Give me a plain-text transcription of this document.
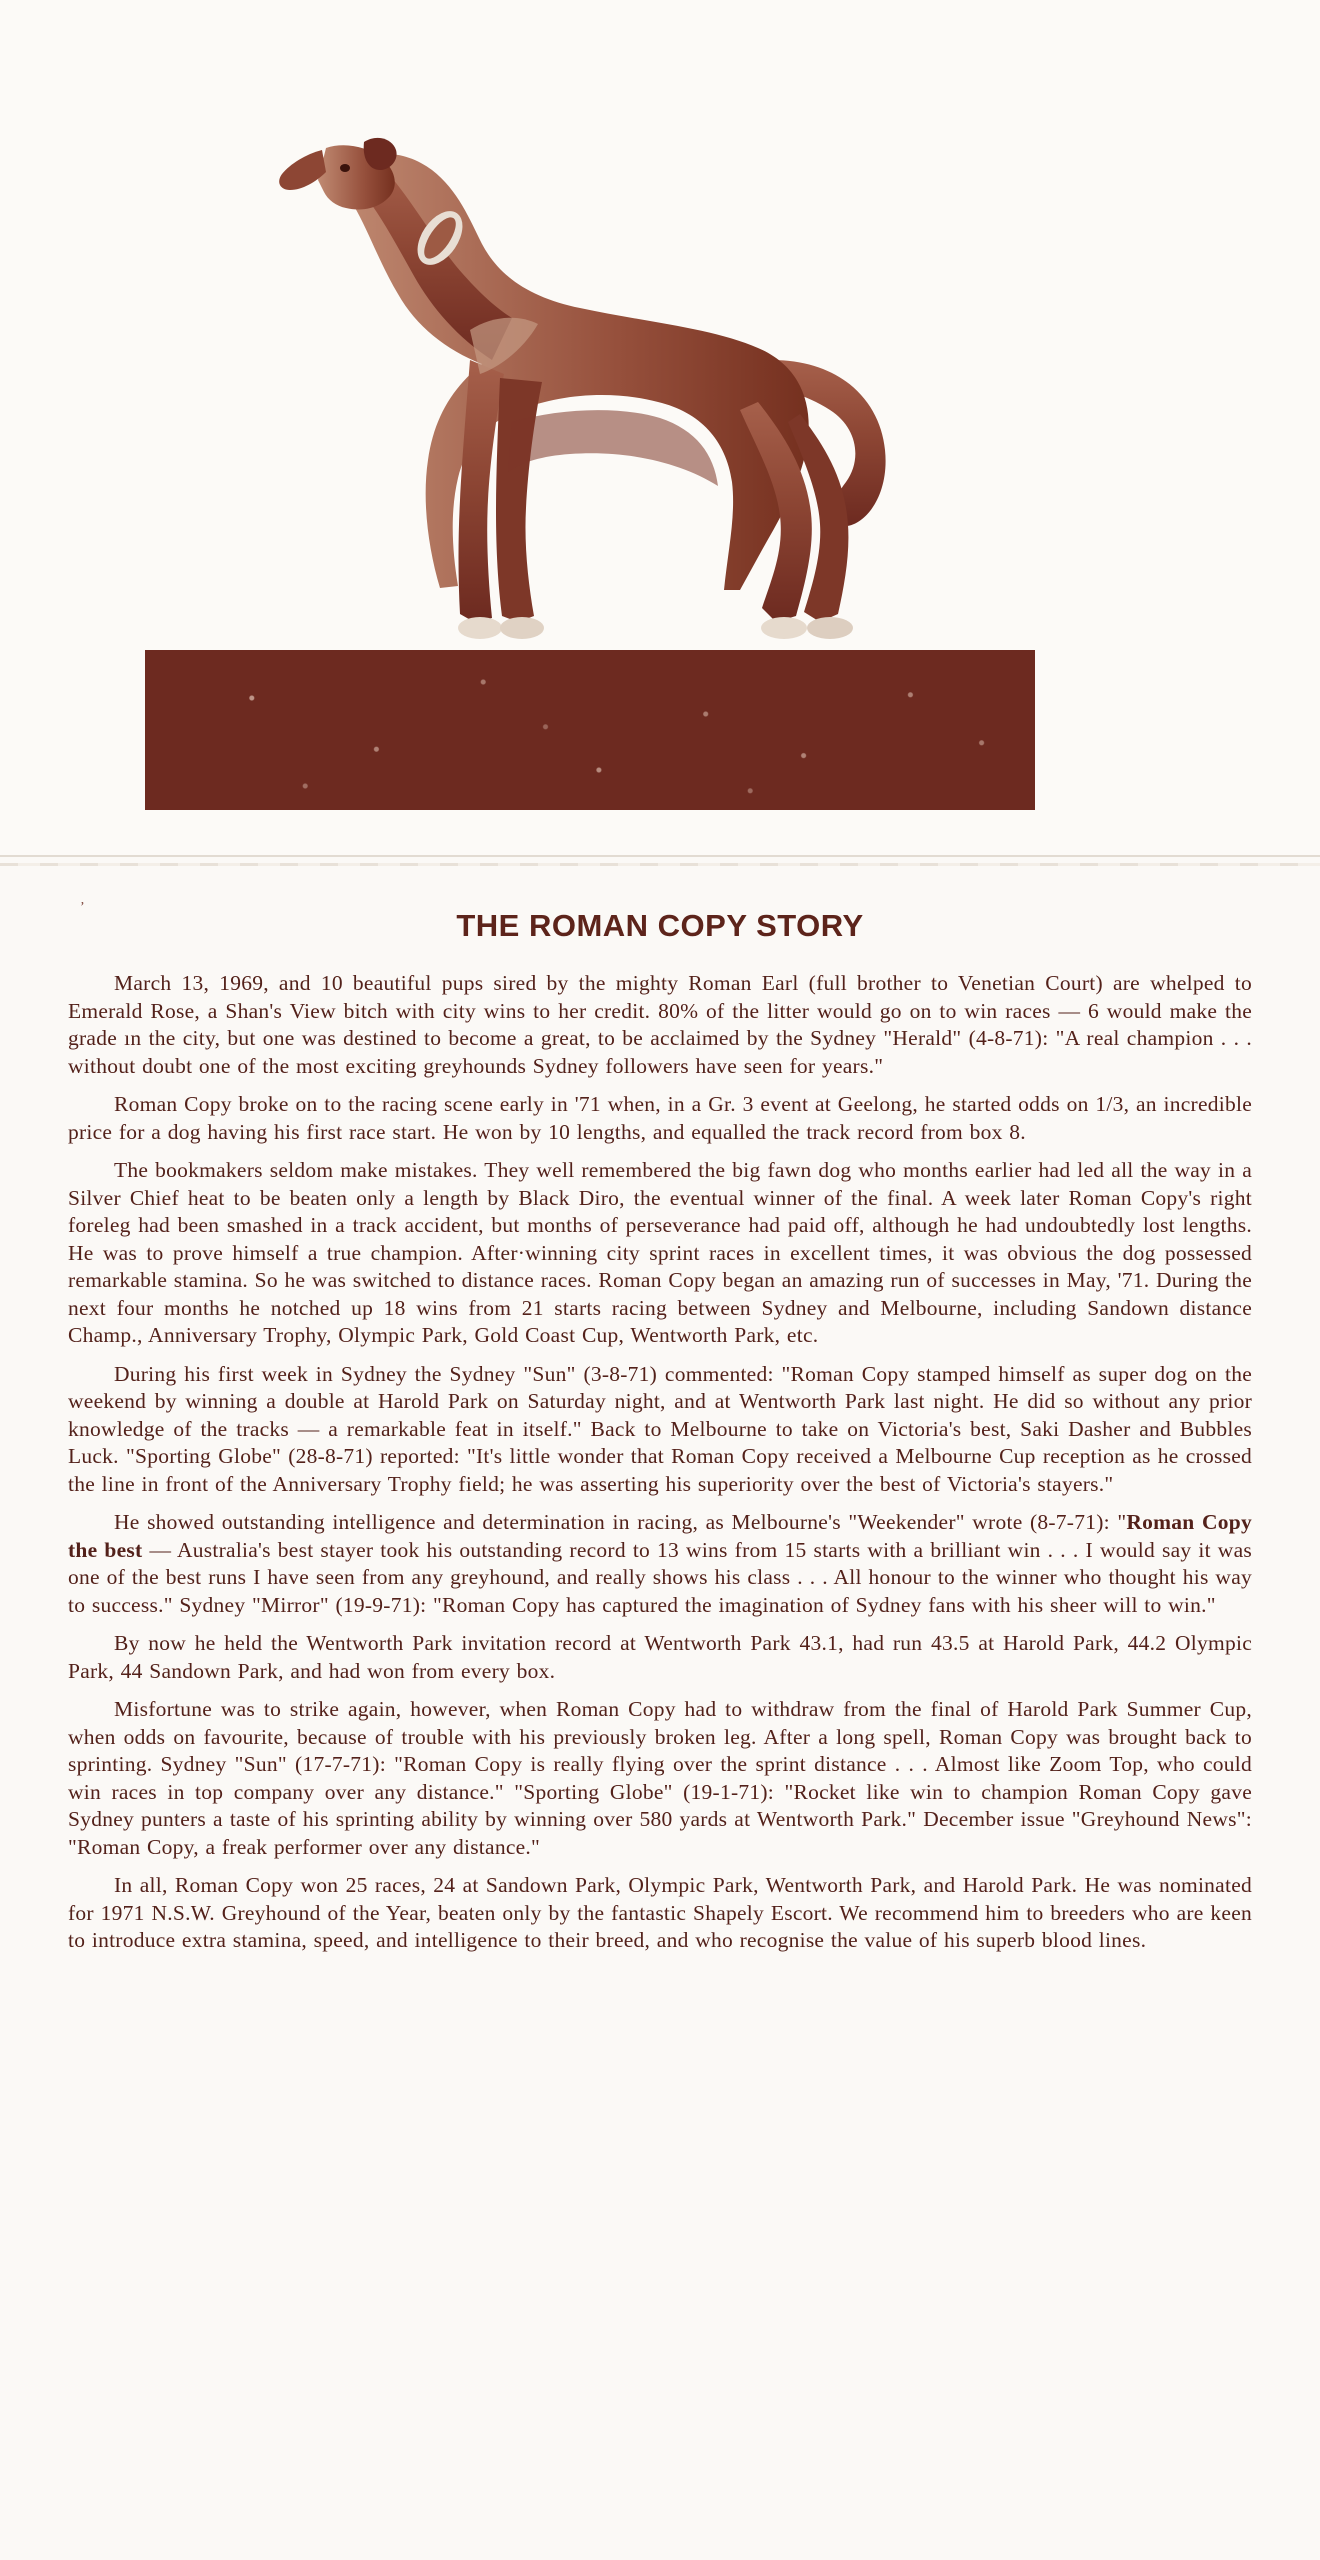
ʼ
THE ROMAN COPY STORY

March 13, 1969, and 10 beautiful pups sired by the mighty Roman Earl (full brother to Venetian Court) are whelped to Emerald Rose, a Shan's View bitch with city wins to her credit. 80% of the litter would go on to win races — 6 would make the grade ın the city, but one was destined to become a great, to be acclaimed by the Sydney "Herald" (4-8-71): "A real champion . . . without doubt one of the most exciting greyhounds Sydney followers have seen for years."

Roman Copy broke on to the racing scene early in '71 when, in a Gr. 3 event at Geelong, he started odds on 1/3, an incredible price for a dog having his first race start. He won by 10 lengths, and equalled the track record from box 8.

The bookmakers seldom make mistakes. They well remembered the big fawn dog who months earlier had led all the way in a Silver Chief heat to be beaten only a length by Black Diro, the eventual winner of the final. A week later Roman Copy's right foreleg had been smashed in a track accident, but months of perseverance had paid off, although he had undoubtedly lost lengths. He was to prove himself a true champion. After·winning city sprint races in excellent times, it was obvious the dog possessed remarkable stamina. So he was switched to distance races. Roman Copy began an amazing run of successes in May, '71. During the next four months he notched up 18 wins from 21 starts racing between Sydney and Melbourne, including Sandown distance Champ., Anniversary Trophy, Olympic Park, Gold Coast Cup, Wentworth Park, etc.

During his first week in Sydney the Sydney "Sun" (3-8-71) commented: "Roman Copy stamped himself as super dog on the weekend by winning a double at Harold Park on Saturday night, and at Wentworth Park last night. He did so without any prior knowledge of the tracks — a remarkable feat in itself." Back to Melbourne to take on Victoria's best, Saki Dasher and Bubbles Luck. "Sporting Globe" (28-8-71) reported: "It's little wonder that Roman Copy received a Melbourne Cup reception as he crossed the line in front of the Anniversary Trophy field; he was asserting his superiority over the best of Victoria's stayers."

He showed outstanding intelligence and determination in racing, as Melbourne's "Weekender" wrote (8-7-71): "Roman Copy the best — Australia's best stayer took his outstanding record to 13 wins from 15 starts with a brilliant win . . . I would say it was one of the best runs I have seen from any greyhound, and really shows his class . . . All honour to the winner who thought his way to success." Sydney "Mirror" (19-9-71): "Roman Copy has captured the imagination of Sydney fans with his sheer will to win."

By now he held the Wentworth Park invitation record at Wentworth Park 43.1, had run 43.5 at Harold Park, 44.2 Olympic Park, 44 Sandown Park, and had won from every box.

Misfortune was to strike again, however, when Roman Copy had to withdraw from the final of Harold Park Summer Cup, when odds on favourite, because of trouble with his previously broken leg. After a long spell, Roman Copy was brought back to sprinting. Sydney "Sun" (17-7-71): "Roman Copy is really flying over the sprint distance . . . Almost like Zoom Top, who could win races in top company over any distance." "Sporting Globe" (19-1-71): "Rocket like win to champion Roman Copy gave Sydney punters a taste of his sprinting ability by winning over 580 yards at Wentworth Park." December issue "Greyhound News": "Roman Copy, a freak performer over any distance."

In all, Roman Copy won 25 races, 24 at Sandown Park, Olympic Park, Wentworth Park, and Harold Park. He was nominated for 1971 N.S.W. Greyhound of the Year, beaten only by the fantastic Shapely Escort. We recommend him to breeders who are keen to introduce extra stamina, speed, and intelligence to their breed, and who recognise the value of his superb blood lines.
